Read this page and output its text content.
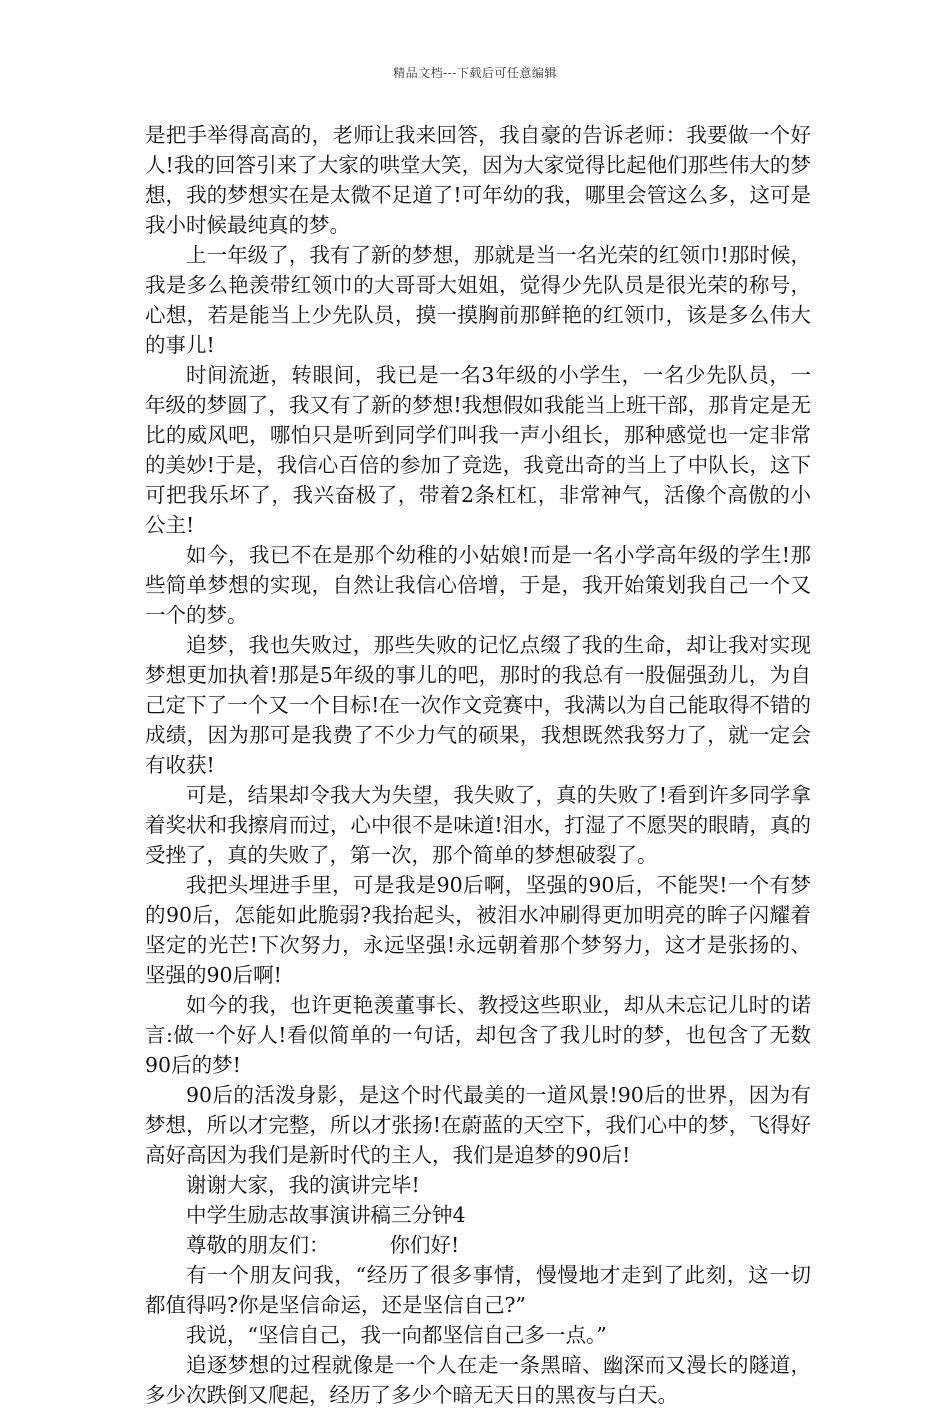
精品文档---下载后可任意编辑

是把手举得高高的，老师让我来回答，我自豪的告诉老师：我要做一个好人!我的回答引来了大家的哄堂大笑，因为大家觉得比起他们那些伟大的梦想，我的梦想实在是太微不足道了!可年幼的我，哪里会管这么多，这可是我小时候最纯真的梦。

上一年级了，我有了新的梦想，那就是当一名光荣的红领巾!那时候，我是多么艳羡带红领巾的大哥哥大姐姐，觉得少先队员是很光荣的称号，心想，若是能当上少先队员，摸一摸胸前那鲜艳的红领巾，该是多么伟大的事儿!

时间流逝，转眼间，我已是一名3年级的小学生，一名少先队员，一年级的梦圆了，我又有了新的梦想!我想假如我能当上班干部，那肯定是无比的威风吧，哪怕只是听到同学们叫我一声小组长，那种感觉也一定非常的美妙!于是，我信心百倍的参加了竞选，我竟出奇的当上了中队长，这下可把我乐坏了，我兴奋极了，带着2条杠杠，非常神气，活像个高傲的小公主!

如今，我已不在是那个幼稚的小姑娘!而是一名小学高年级的学生!那些简单梦想的实现，自然让我信心倍增，于是，我开始策划我自己一个又一个的梦。

追梦，我也失败过，那些失败的记忆点缀了我的生命，却让我对实现梦想更加执着!那是5年级的事儿的吧，那时的我总有一股倔强劲儿，为自己定下了一个又一个目标!在一次作文竞赛中，我满以为自己能取得不错的成绩，因为那可是我费了不少力气的硕果，我想既然我努力了，就一定会有收获!

可是，结果却令我大为失望，我失败了，真的失败了!看到许多同学拿着奖状和我擦肩而过，心中很不是味道!泪水，打湿了不愿哭的眼睛，真的受挫了，真的失败了，第一次，那个简单的梦想破裂了。

我把头埋进手里，可是我是90后啊，坚强的90后，不能哭!一个有梦的90后，怎能如此脆弱?我抬起头，被泪水冲刷得更加明亮的眸子闪耀着坚定的光芒!下次努力，永远坚强!永远朝着那个梦努力，这才是张扬的、坚强的90后啊!

如今的我，也许更艳羡董事长、教授这些职业，却从未忘记儿时的诺言:做一个好人!看似简单的一句话，却包含了我儿时的梦，也包含了无数90后的梦!

90后的活泼身影，是这个时代最美的一道风景!90后的世界，因为有梦想，所以才完整，所以才张扬!在蔚蓝的天空下，我们心中的梦，飞得好高好高因为我们是新时代的主人，我们是追梦的90后!

谢谢大家，我的演讲完毕!

中学生励志故事演讲稿三分钟4

尊敬的朋友们：	你们好!

有一个朋友问我，“经历了很多事情，慢慢地才走到了此刻，这一切都值得吗?你是坚信命运，还是坚信自己?”

我说，“坚信自己，我一向都坚信自己多一点。”

追逐梦想的过程就像是一个人在走一条黑暗、幽深而又漫长的隧道，多少次跌倒又爬起，经历了多少个暗无天日的黑夜与白天。
